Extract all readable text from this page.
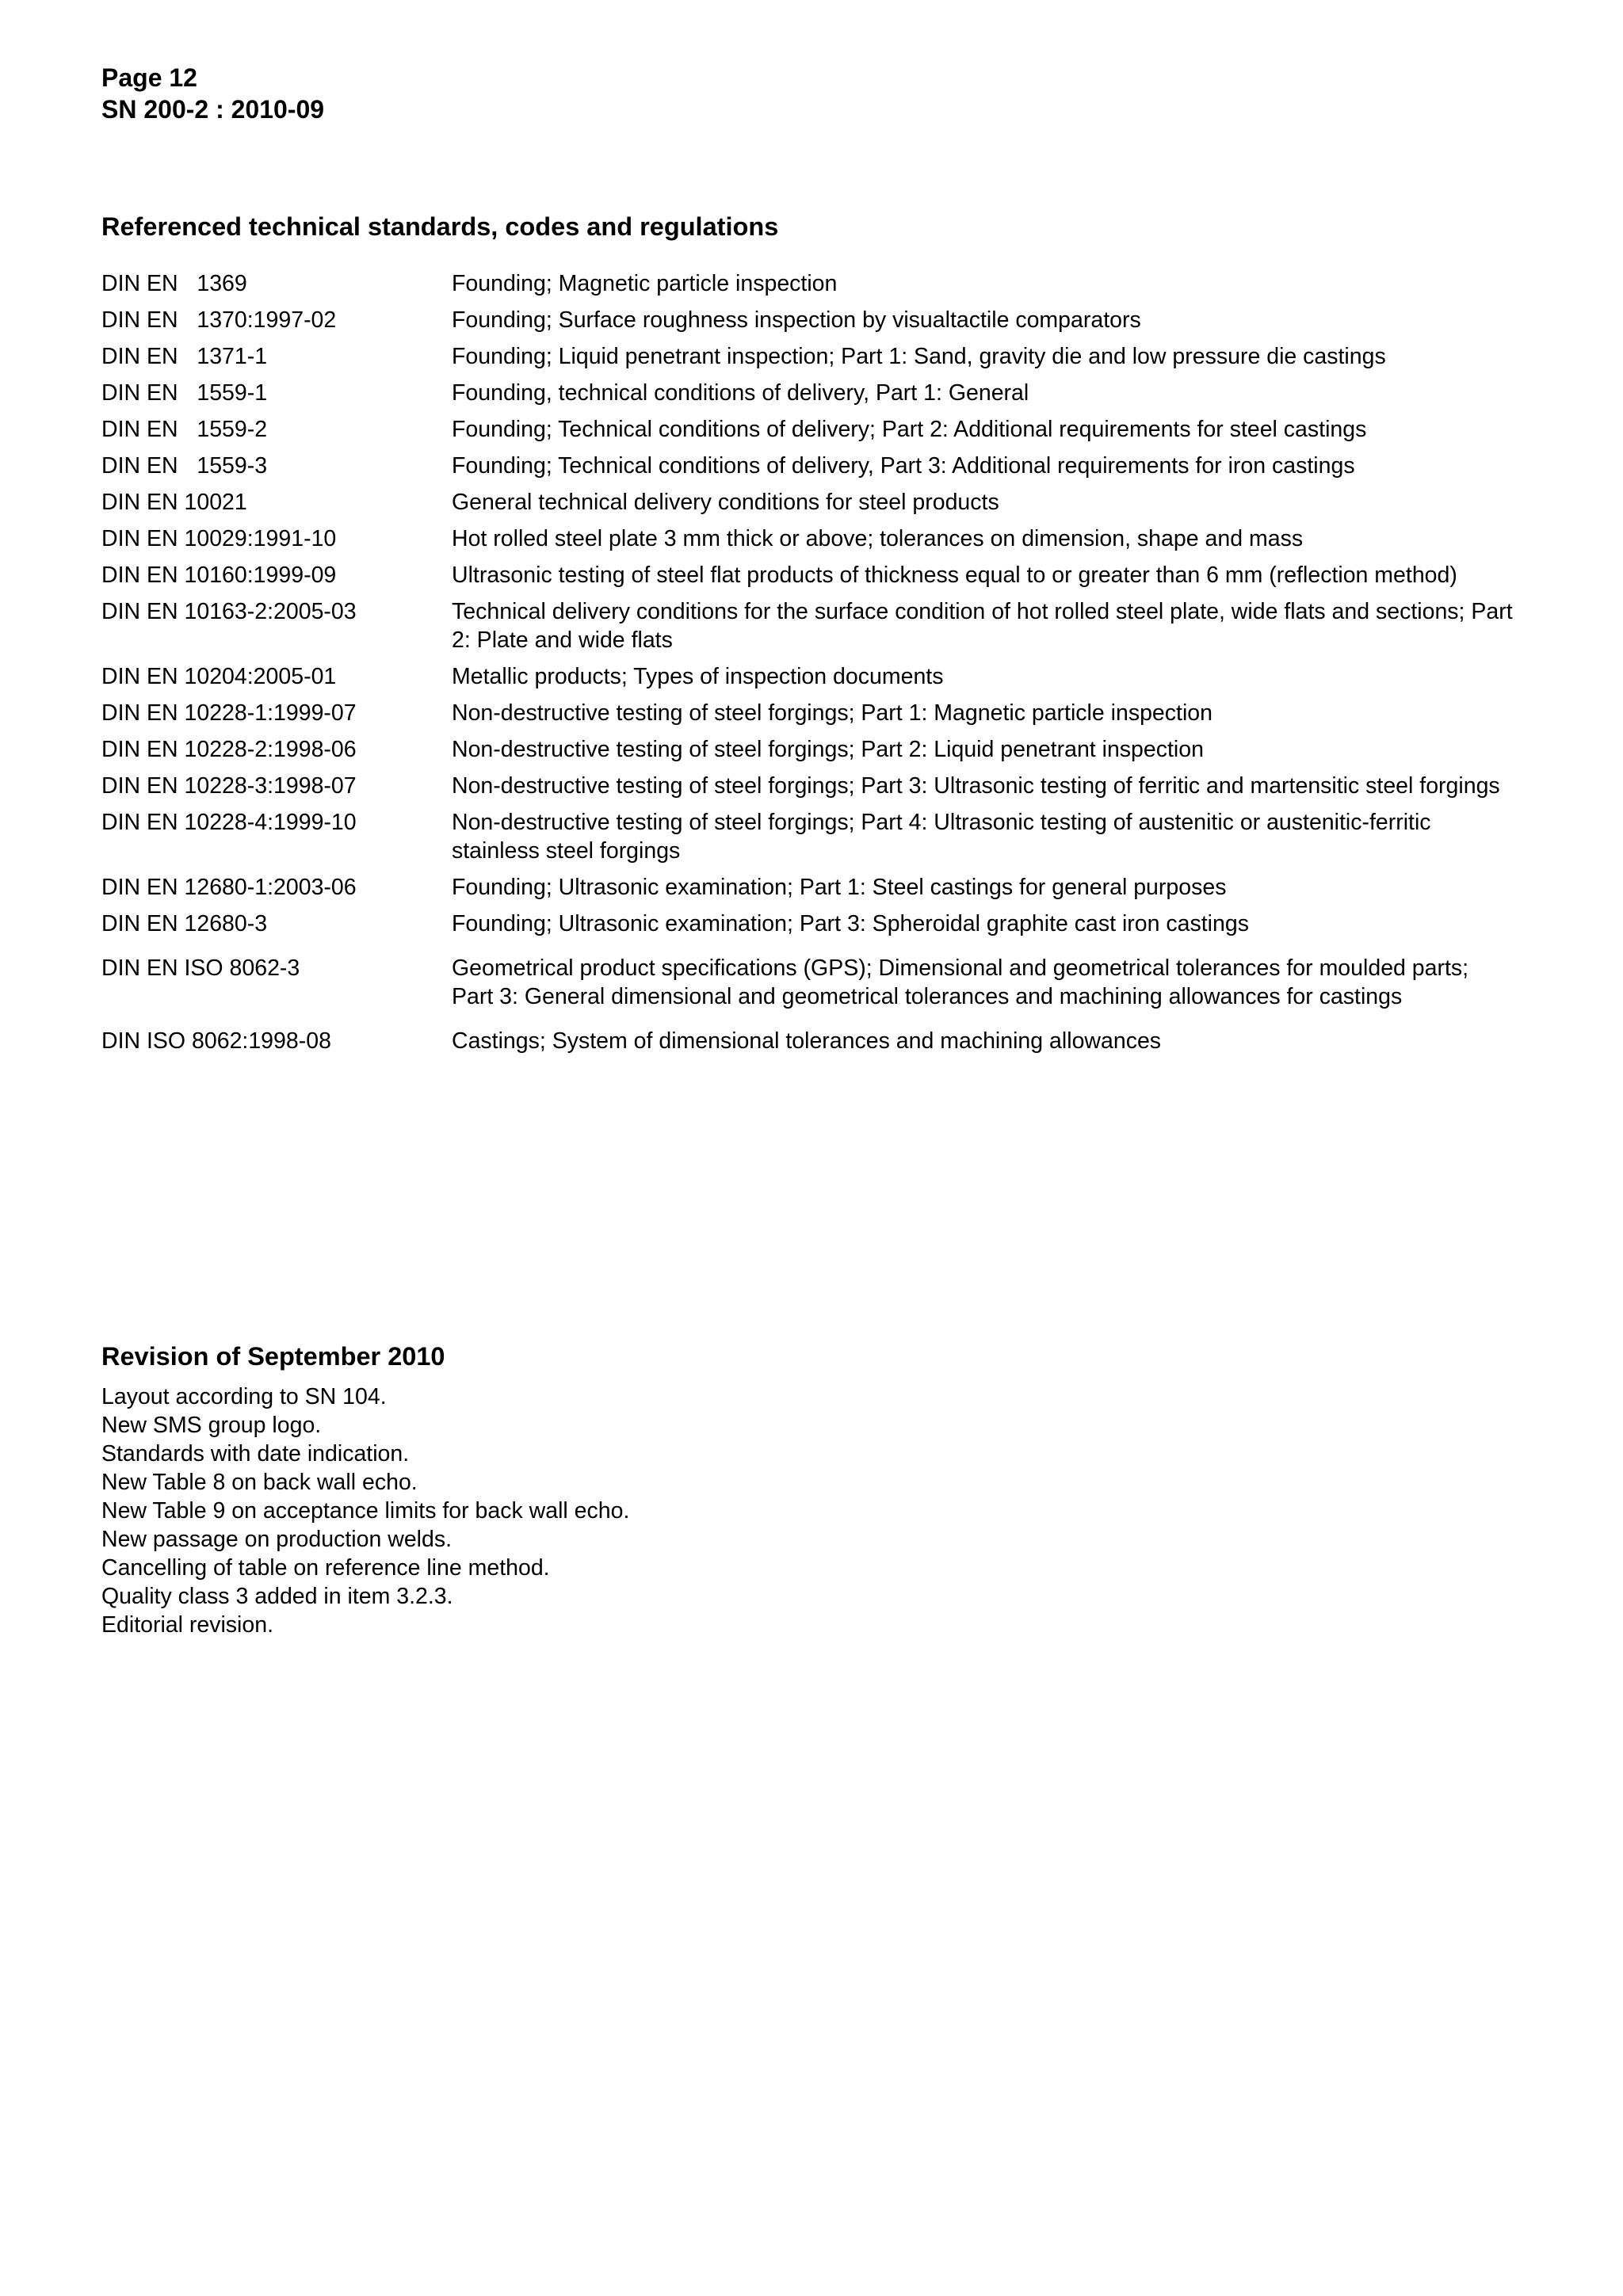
Page 12
SN 200-2 : 2010-09
Referenced technical standards, codes and regulations
DIN EN   1369	Founding; Magnetic particle inspection
DIN EN   1370:1997-02	Founding; Surface roughness inspection by visualtactile comparators
DIN EN   1371-1	Founding; Liquid penetrant inspection; Part 1: Sand, gravity die and low pressure die castings
DIN EN   1559-1	Founding, technical conditions of delivery, Part 1: General
DIN EN   1559-2	Founding; Technical conditions of delivery; Part 2: Additional requirements for steel castings
DIN EN   1559-3	Founding; Technical conditions of delivery, Part 3: Additional requirements for iron castings
DIN EN 10021	General technical delivery conditions for steel products
DIN EN 10029:1991-10	Hot rolled steel plate 3 mm thick or above; tolerances on dimension, shape and mass
DIN EN 10160:1999-09	Ultrasonic testing of steel flat products of thickness equal to or greater than 6 mm (reflection method)
DIN EN 10163-2:2005-03	Technical delivery conditions for the surface condition of hot rolled steel plate, wide flats and sections; Part 2: Plate and wide flats
DIN EN 10204:2005-01	Metallic products; Types of inspection documents
DIN EN 10228-1:1999-07	Non-destructive testing of steel forgings; Part 1: Magnetic particle inspection
DIN EN 10228-2:1998-06	Non-destructive testing of steel forgings; Part 2: Liquid penetrant inspection
DIN EN 10228-3:1998-07	Non-destructive testing of steel forgings; Part 3: Ultrasonic testing of ferritic and martensitic steel forgings
DIN EN 10228-4:1999-10	Non-destructive testing of steel forgings; Part 4: Ultrasonic testing of austenitic or austenitic-ferritic stainless steel forgings
DIN EN 12680-1:2003-06	Founding; Ultrasonic examination; Part 1: Steel castings for general purposes
DIN EN 12680-3	Founding; Ultrasonic examination; Part 3: Spheroidal graphite cast iron castings
DIN EN ISO 8062-3	Geometrical product specifications (GPS); Dimensional and geometrical tolerances for moulded parts; Part 3: General dimensional and geometrical tolerances and machining allowances for castings
DIN ISO 8062:1998-08	Castings; System of dimensional tolerances and machining allowances
Revision of September 2010
Layout according to SN 104.
New SMS group logo.
Standards with date indication.
New Table 8 on back wall echo.
New Table 9 on acceptance limits for back wall echo.
New passage on production welds.
Cancelling of table on reference line method.
Quality class 3 added in item 3.2.3.
Editorial revision.
